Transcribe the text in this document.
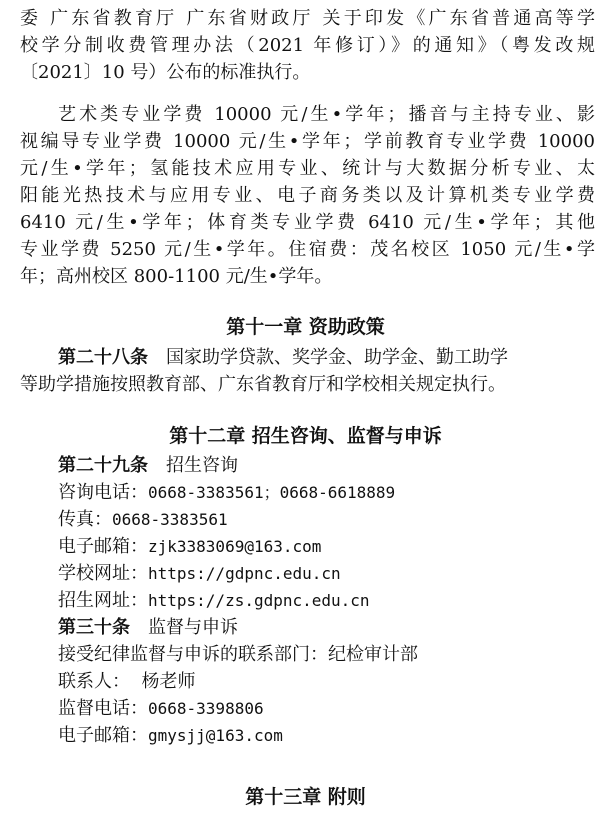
委 广东省教育厅 广东省财政厅 关于印发《广东省普通高等学
校学分制收费管理办法（2021 年修订）》的通知》（粤发改规
〔2021〕10 号）公布的标准执行。
艺术类专业学费 10000 元/生•学年；播音与主持专业、影
视编导专业学费 10000 元/生•学年；学前教育专业学费 10000
元/生•学年；氢能技术应用专业、统计与大数据分析专业、太
阳能光热技术与应用专业、电子商务类以及计算机类专业学费
6410 元/生•学年；体育类专业学费 6410 元/生•学年；其他
专业学费 5250 元/生•学年。住宿费：茂名校区 1050 元/生•学
年；高州校区 800-1100 元/生•学年。
第十一章 资助政策
第二十八条 国家助学贷款、奖学金、助学金、勤工助学
等助学措施按照教育部、广东省教育厅和学校相关规定执行。
第十二章 招生咨询、监督与申诉
第二十九条 招生咨询
咨询电话：0668-3383561；0668-6618889
传真：0668-3383561
电子邮箱：zjk3383069@163.com
学校网址：https://gdpnc.edu.cn
招生网址：https://zs.gdpnc.edu.cn
第三十条 监督与申诉
接受纪律监督与申诉的联系部门：纪检审计部
联系人： 杨老师
监督电话：0668-3398806
电子邮箱：gmysjj@163.com
第十三章 附则
